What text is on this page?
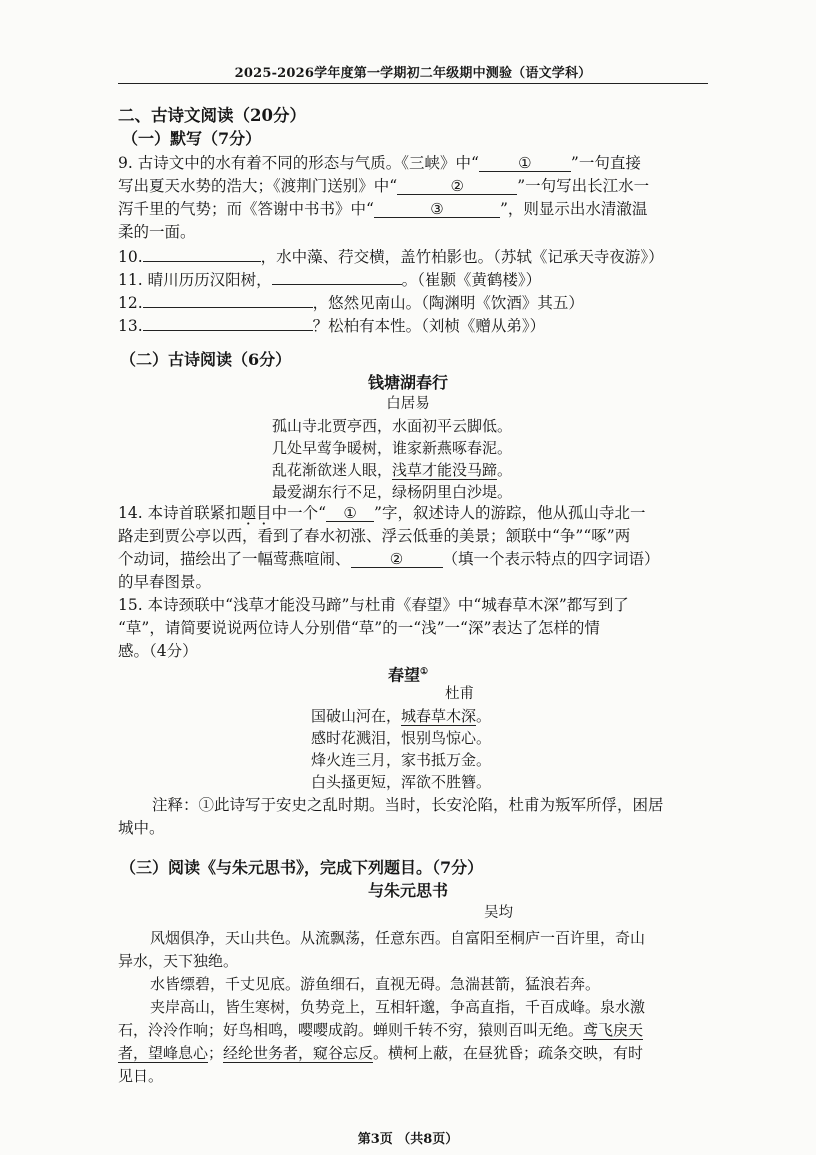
2025-2026学年度第一学期初二年级期中测验（语文学科）
二、古诗文阅读（20分）
（一）默写（7分）
9. 古诗文中的水有着不同的形态与气质。《三峡》中“	①	”一句直接
写出夏天水势的浩大；《渡荆门送别》中“	②	”一句写出长江水一
泻千里的气势；而《答谢中书书》中“	③	”，则显示出水清澈温
柔的一面。
10.	，水中藻、荇交横，盖竹柏影也。（苏轼《记承天寺夜游》）
11. 晴川历历汉阳树，	。（崔颢《黄鹤楼》）
12.	，悠然见南山。（陶渊明《饮酒》其五）
13.	？松柏有本性。（刘桢《赠从弟》）
（二）古诗阅读（6分）
钱塘湖春行
白居易
孤山寺北贾亭西，水面初平云脚低。
几处早莺争暖树，谁家新燕啄春泥。
乱花渐欲迷人眼，浅草才能没马蹄。
最爱湖东行不足，绿杨阴里白沙堤。
14. 本诗首联紧扣题目中一个“ ① ”字，叙述诗人的游踪，他从孤山寺北一
路走到贾公亭以西，看到了春水初涨、浮云低垂的美景；颔联中“争”“啄”两
个动词，描绘出了一幅莺燕喧闹、	②	（填一个表示特点的四字词语）
的早春图景。
15. 本诗颈联中“浅草才能没马蹄”与杜甫《春望》中“城春草木深”都写到了
“草”，请简要说说两位诗人分别借“草”的一“浅”一“深”表达了怎样的情
感。（4分）
春望①
杜甫
国破山河在，城春草木深。
感时花溅泪，恨别鸟惊心。
烽火连三月，家书抵万金。
白头搔更短，浑欲不胜簪。
注释：①此诗写于安史之乱时期。当时，长安沦陷，杜甫为叛军所俘，困居
城中。
（三）阅读《与朱元思书》，完成下列题目。（7分）
与朱元思书
吴均
风烟俱净，天山共色。从流飘荡，任意东西。自富阳至桐庐一百许里，奇山
异水，天下独绝。
水皆缥碧，千丈见底。游鱼细石，直视无碍。急湍甚箭，猛浪若奔。
夹岸高山，皆生寒树，负势竞上，互相轩邈，争高直指，千百成峰。泉水激
石，泠泠作响；好鸟相鸣，嘤嘤成韵。蝉则千转不穷，猿则百叫无绝。鸢飞戾天
者，望峰息心；经纶世务者，窥谷忘反。横柯上蔽，在昼犹昏；疏条交映，有时
见日。
第3页 （共8页）
